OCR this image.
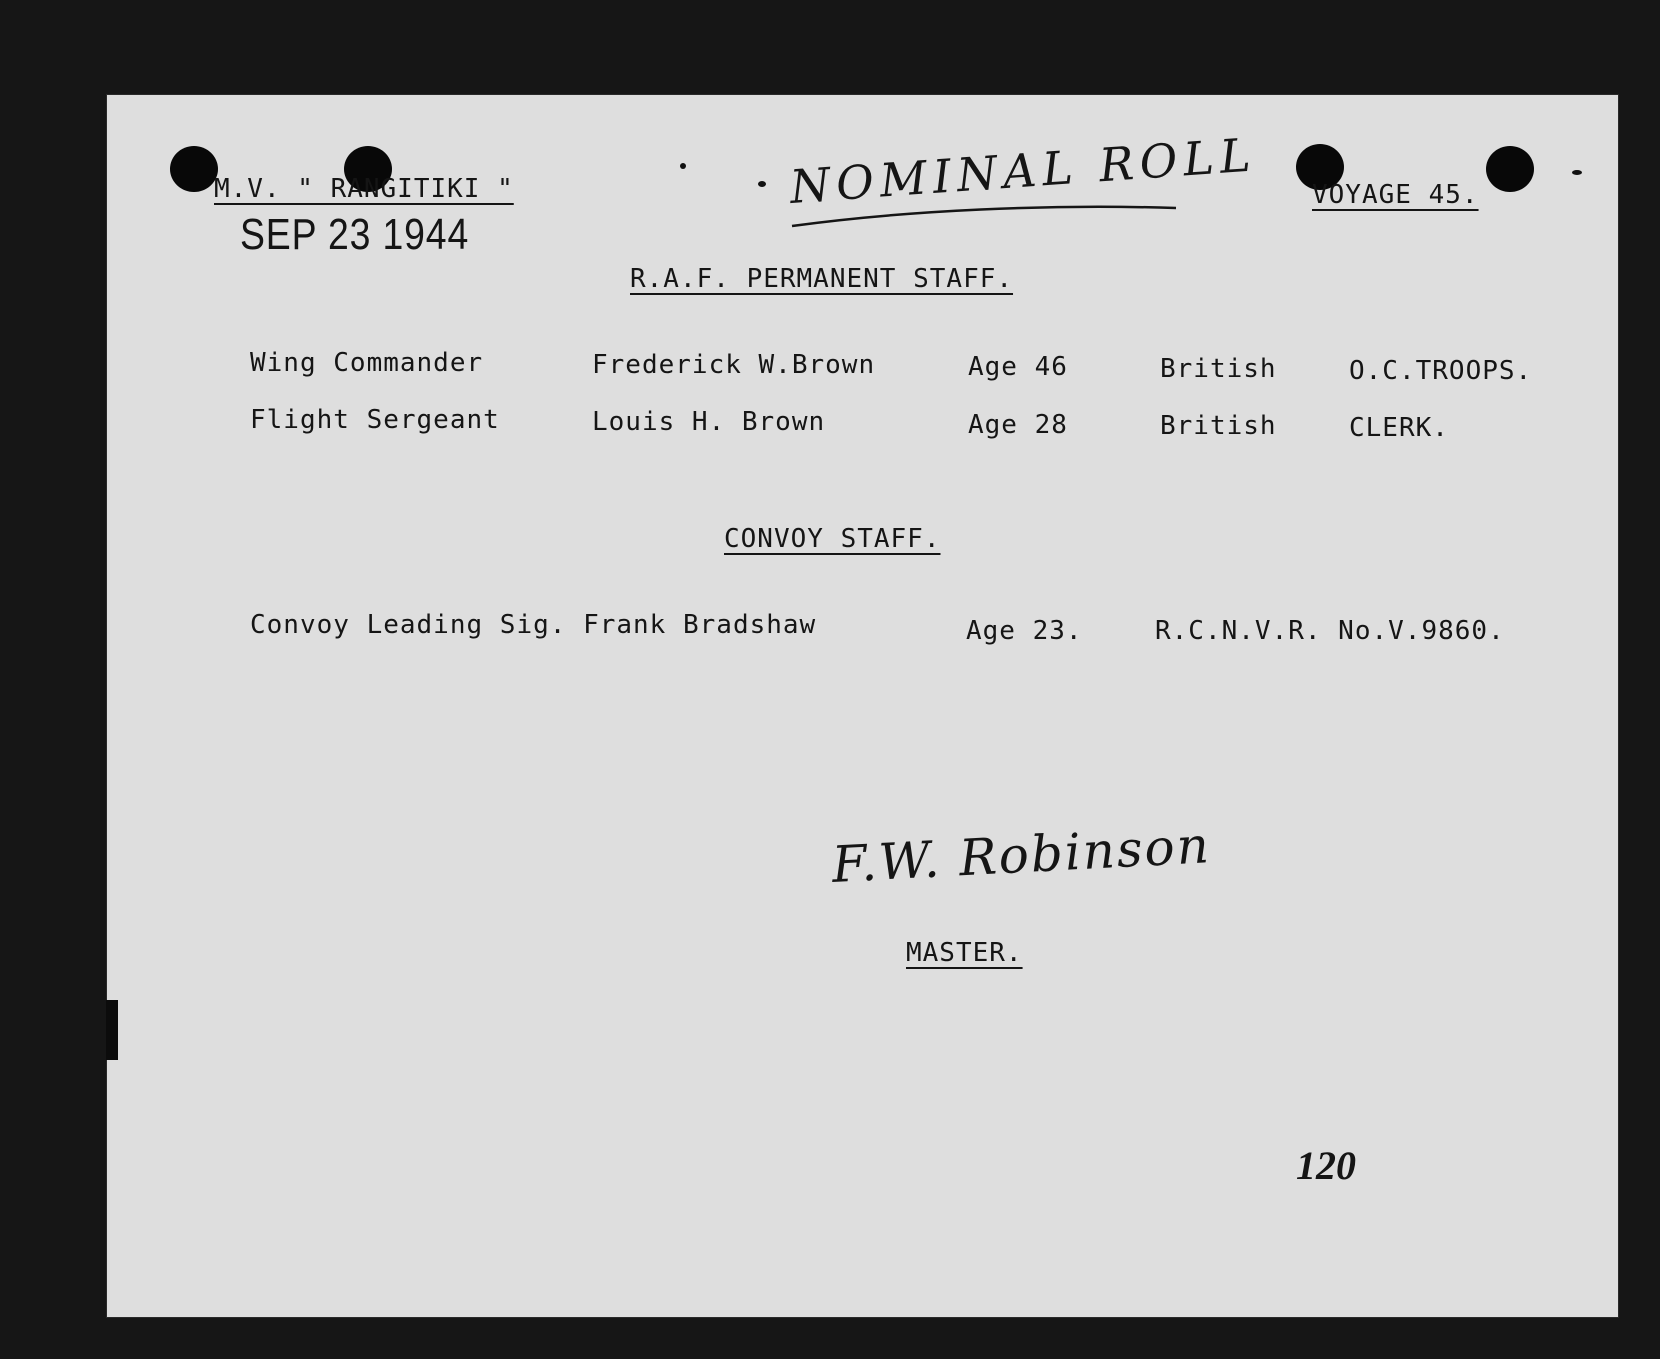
M.V. " RANGITIKI "
SEP 23 1944
NOMINAL ROLL VOYAGE 45.
R.A.F. PERMANENT STAFF.
Wing Commander	Frederick W.Brown	Age 46	British	O.C.TROOPS.
Flight Sergeant	Louis H. Brown	Age 28	British	CLERK.
CONVOY STAFF.
Convoy Leading Sig. Frank Bradshaw	Age 23.	R.C.N.V.R. No.V.9860.
F.W. Robinson
MASTER.
120
